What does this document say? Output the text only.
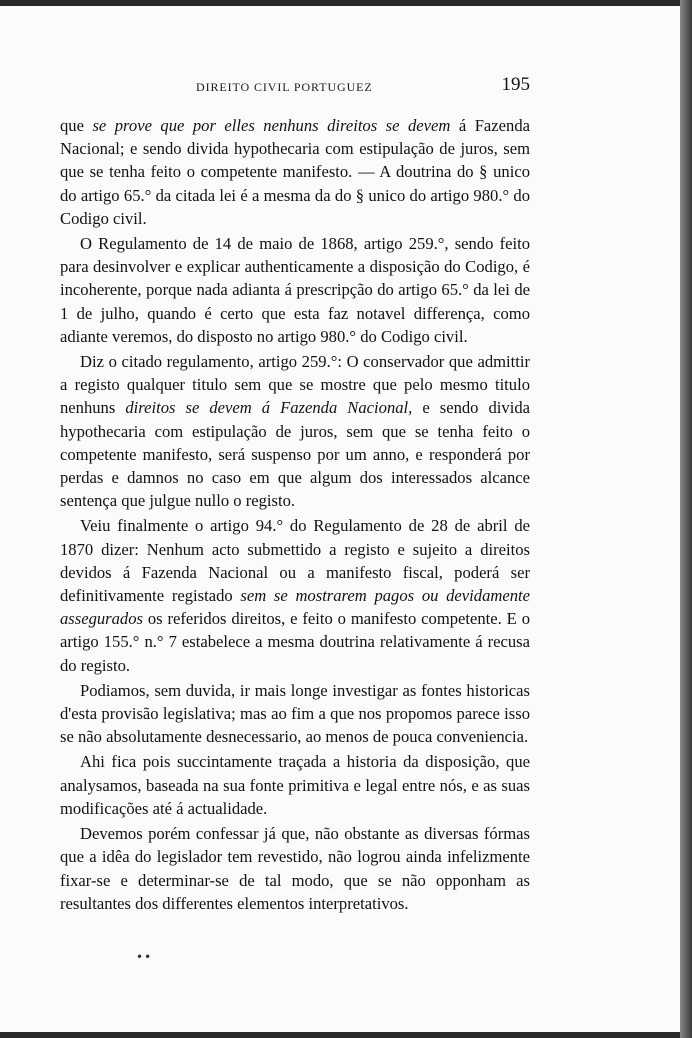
DIREITO CIVIL PORTUGUEZ	195

que se prove que por elles nenhuns direitos se devem á Fazenda Nacional; e sendo divida hypothecaria com estipulação de juros, sem que se tenha feito o competente manifesto. — A doutrina do § unico do artigo 65.° da citada lei é a mesma da do § unico do artigo 980.° do Codigo civil.

O Regulamento de 14 de maio de 1868, artigo 259.°, sendo feito para desinvolver e explicar authenticamente a disposição do Codigo, é incoherente, porque nada adianta á prescripção do artigo 65.° da lei de 1 de julho, quando é certo que esta faz notavel differença, como adiante veremos, do disposto no artigo 980.° do Codigo civil.

Diz o citado regulamento, artigo 259.°: O conservador que admittir a registo qualquer titulo sem que se mostre que pelo mesmo titulo nenhuns direitos se devem á Fazenda Nacional, e sendo divida hypothecaria com estipulação de juros, sem que se tenha feito o competente manifesto, será suspenso por um anno, e responderá por perdas e damnos no caso em que algum dos interessados alcance sentença que julgue nullo o registo.

Veiu finalmente o artigo 94.° do Regulamento de 28 de abril de 1870 dizer: Nenhum acto submettido a registo e sujeito a direitos devidos á Fazenda Nacional ou a manifesto fiscal, poderá ser definitivamente registado sem se mostrarem pagos ou devidamente assegurados os referidos direitos, e feito o manifesto competente. E o artigo 155.° n.° 7 estabelece a mesma doutrina relativamente á recusa do registo.

Podiamos, sem duvida, ir mais longe investigar as fontes historicas d'esta provisão legislativa; mas ao fim a que nos propomos parece isso se não absolutamente desnecessario, ao menos de pouca conveniencia.

Ahi fica pois succintamente traçada a historia da disposição, que analysamos, baseada na sua fonte primitiva e legal entre nós, e as suas modificações até á actualidade.

Devemos porém confessar já que, não obstante as diversas fórmas que a idêa do legislador tem revestido, não logrou ainda infelizmente fixar-se e determinar-se de tal modo, que se não opponham as resultantes dos differentes elementos interpretativos.

••
